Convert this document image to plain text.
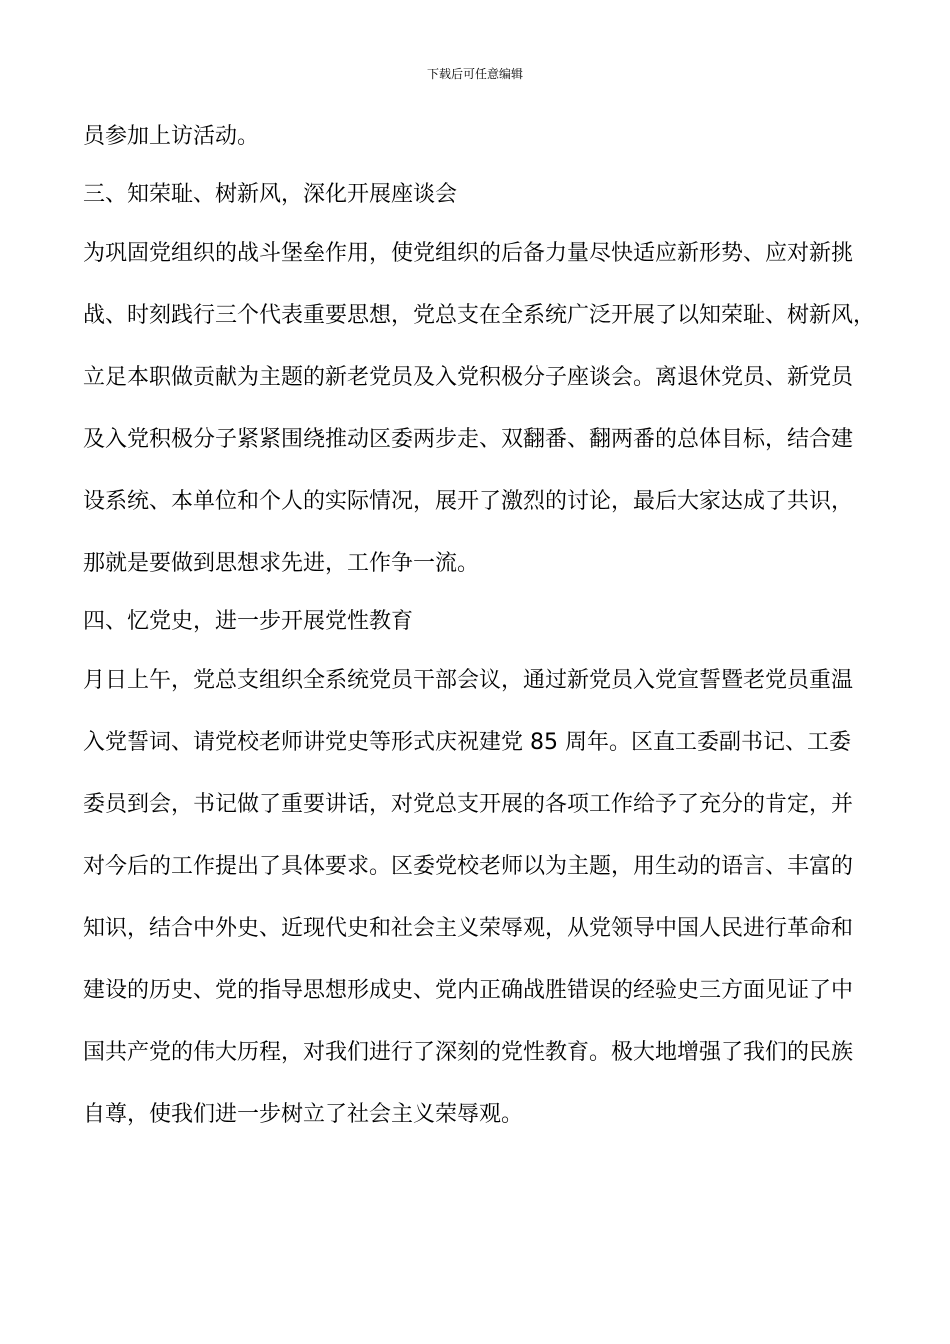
下载后可任意编辑
员参加上访活动。
三、知荣耻、树新风，深化开展座谈会
为巩固党组织的战斗堡垒作用，使党组织的后备力量尽快适应新形势、应对新挑
战、时刻践行三个代表重要思想，党总支在全系统广泛开展了以知荣耻、树新风，
立足本职做贡献为主题的新老党员及入党积极分子座谈会。离退休党员、新党员
及入党积极分子紧紧围绕推动区委两步走、双翻番、翻两番的总体目标，结合建
设系统、本单位和个人的实际情况，展开了激烈的讨论，最后大家达成了共识，
那就是要做到思想求先进，工作争一流。
四、忆党史，进一步开展党性教育
月日上午，党总支组织全系统党员干部会议，通过新党员入党宣誓暨老党员重温
入党誓词、请党校老师讲党史等形式庆祝建党 85 周年。区直工委副书记、工委
委员到会，书记做了重要讲话，对党总支开展的各项工作给予了充分的肯定，并
对今后的工作提出了具体要求。区委党校老师以为主题，用生动的语言、丰富的
知识，结合中外史、近现代史和社会主义荣辱观，从党领导中国人民进行革命和
建设的历史、党的指导思想形成史、党内正确战胜错误的经验史三方面见证了中
国共产党的伟大历程，对我们进行了深刻的党性教育。极大地增强了我们的民族
自尊，使我们进一步树立了社会主义荣辱观。
